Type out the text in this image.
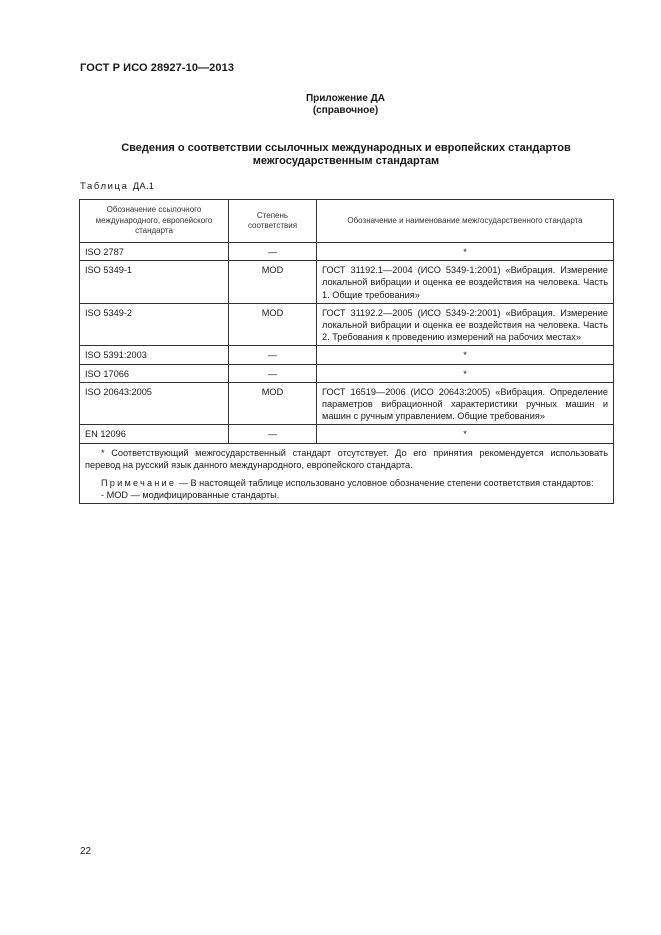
ГОСТ Р ИСО 28927-10—2013
Приложение ДА
(справочное)
Сведения о соответствии ссылочных международных и европейских стандартов
межгосударственным стандартам
Таблица ДА.1
Обозначение ссылочного международного, европейского стандарта	Степень соответствия	Обозначение и наименование межгосударственного стандарта
ISO 2787	—	*
ISO 5349-1	MOD	ГОСТ 31192.1—2004 (ИСО 5349-1:2001) «Вибрация. Измерение локальной вибрации и оценка ее воздействия на человека. Часть 1. Общие требования»
ISO 5349-2	MOD	ГОСТ 31192.2—2005 (ИСО 5349-2:2001) «Вибрация. Измерение локальной вибрации и оценка ее воздействия на человека. Часть 2. Требования к проведению измерений на рабочих местах»
ISO 5391:2003	—	*
ISO 17066	—	*
ISO 20643:2005	MOD	ГОСТ 16519—2006 (ИСО 20643:2005) «Вибрация. Определение параметров вибрационной характеристики ручных машин и машин с ручным управлением. Общие требования»
EN 12096	—	*

* Соответствующий межгосударственный стандарт отсутствует. До его принятия рекомендуется использовать перевод на русский язык данного международного, европейского стандарта.

Примечание — В настоящей таблице использовано условное обозначение степени соответствия стандартов:

- MOD — модифицированные стандарты.		

22
